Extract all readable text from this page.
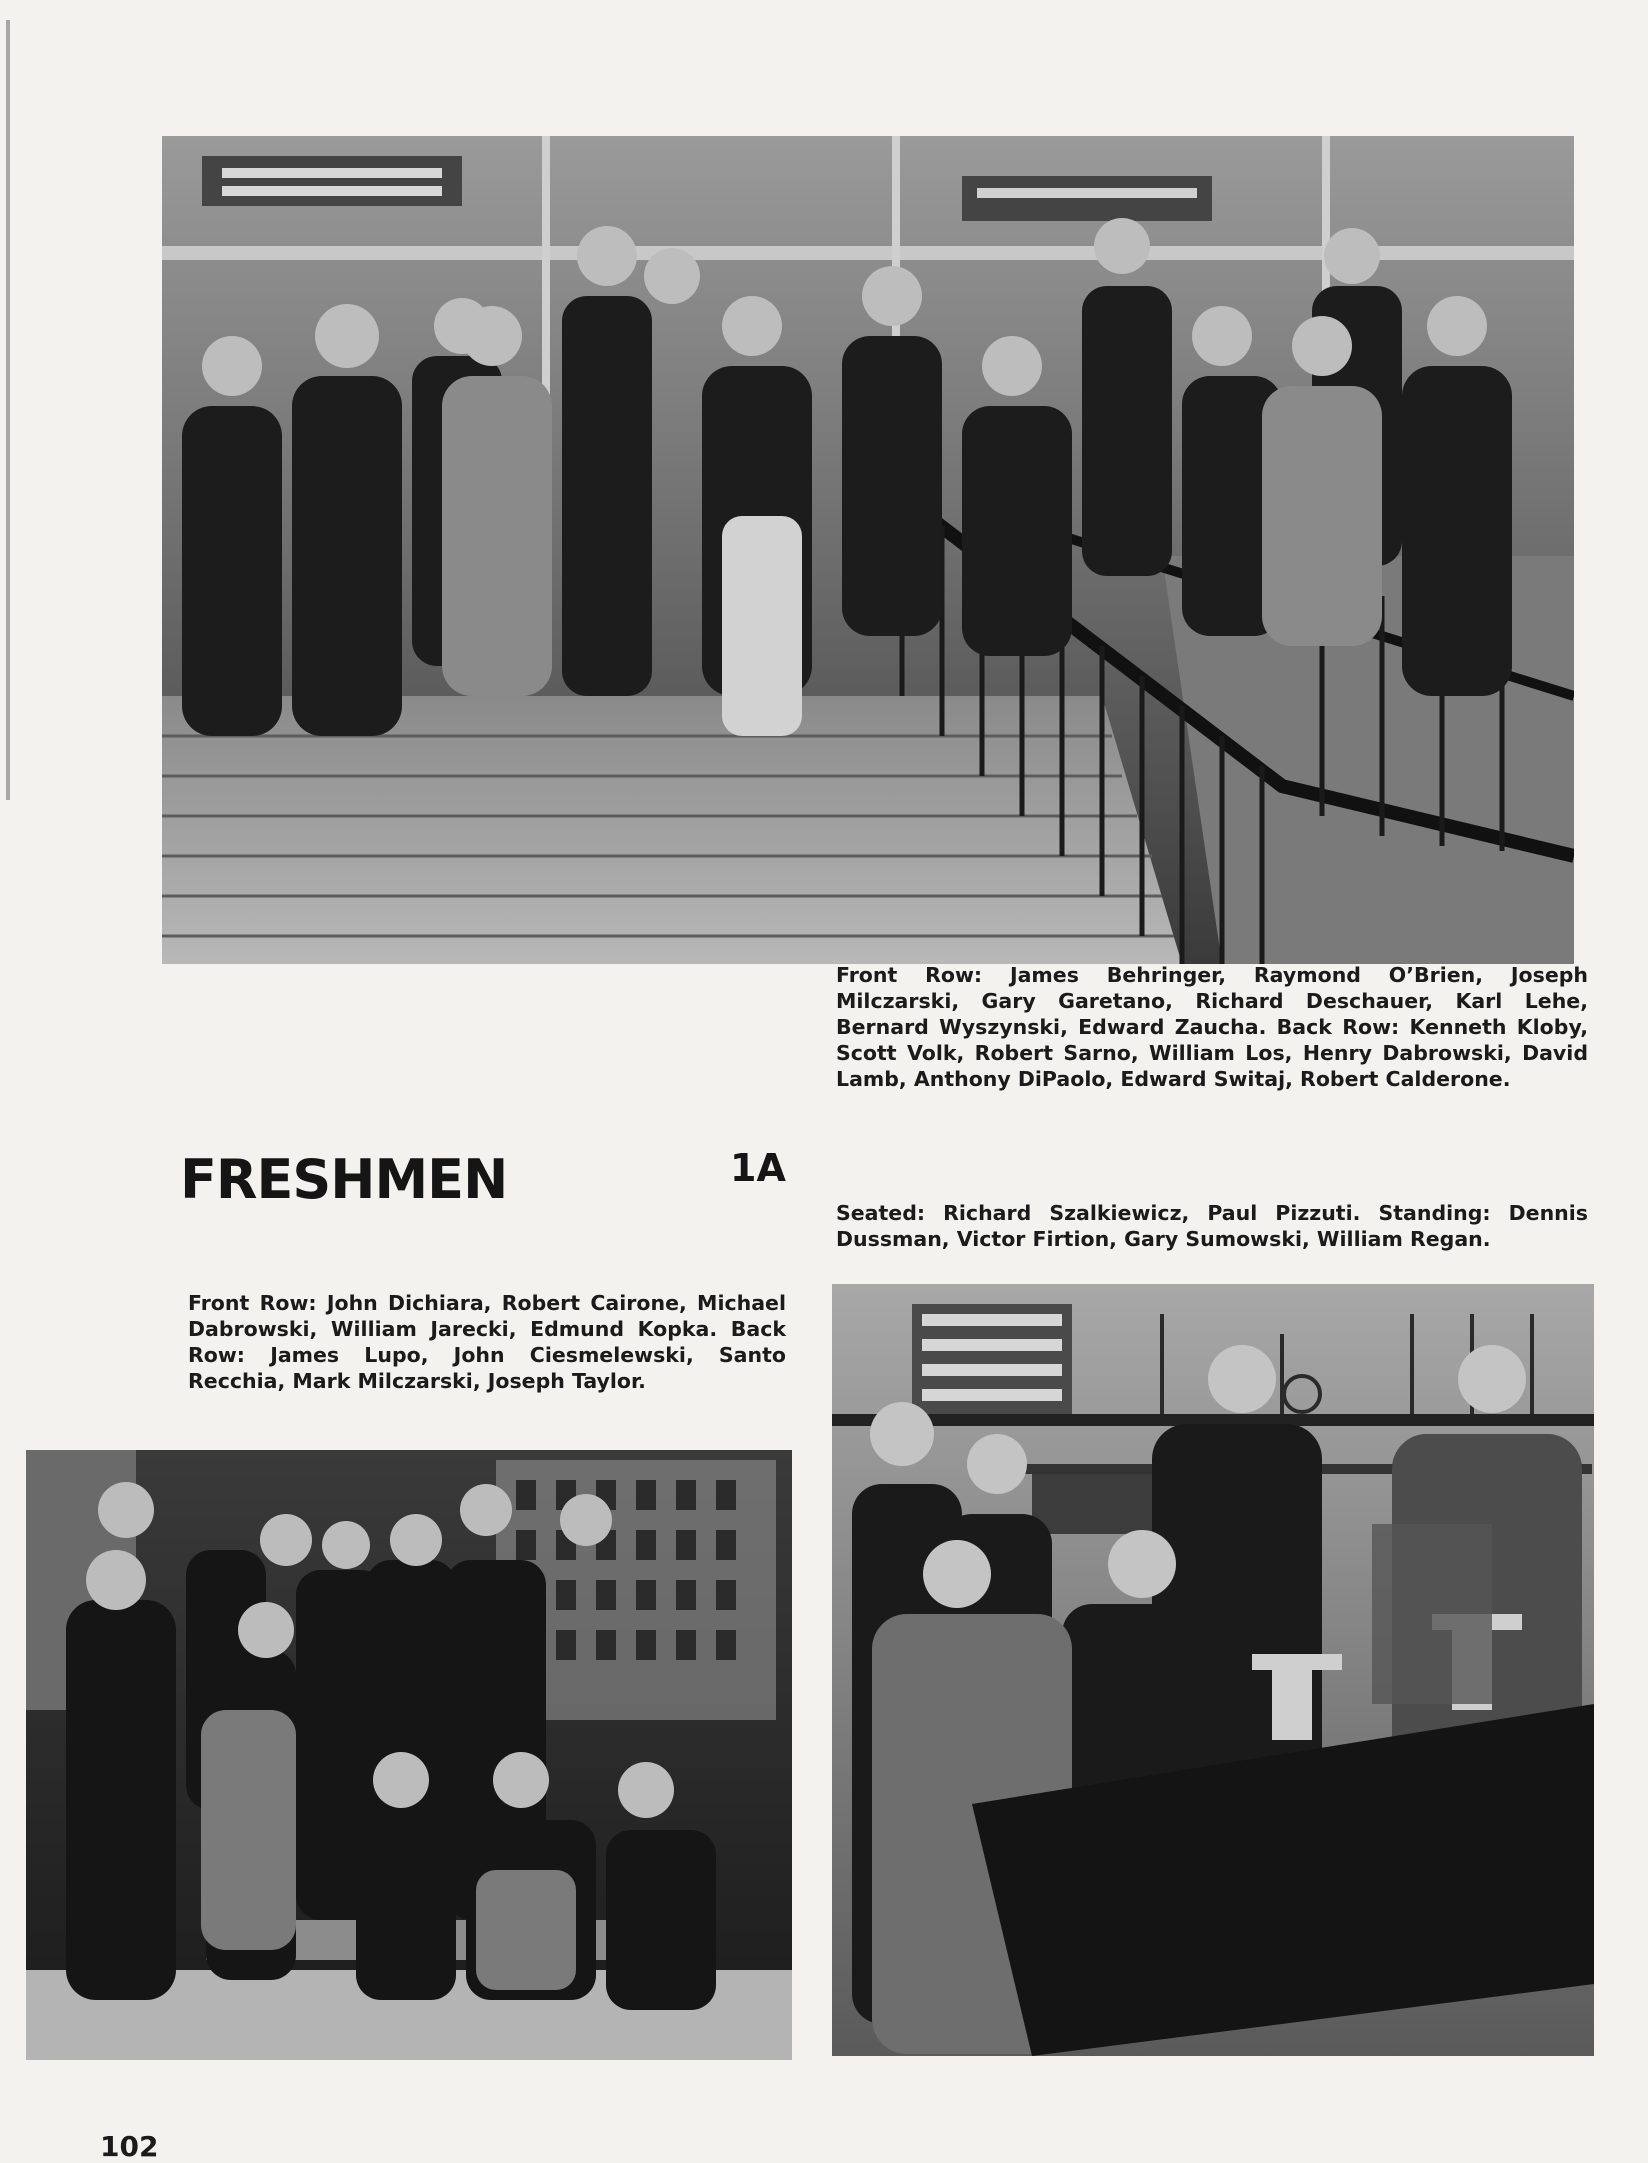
Front Row: James Behringer, Raymond O’Brien, Joseph Milczarski, Gary Garetano, Richard Deschauer, Karl Lehe, Bernard Wyszynski, Edward Zaucha. Back Row: Kenneth Kloby, Scott Volk, Robert Sarno, William Los, Henry Dabrowski, David Lamb, Anthony DiPaolo, Edward Switaj, Robert Calderone.

FRESHMEN	1A

Seated: Richard Szalkiewicz, Paul Pizzuti. Standing: Dennis Dussman, Victor Firtion, Gary Sumowski, William Regan.

Front Row: John Dichiara, Robert Cairone, Michael Dabrowski, William Jarecki, Edmund Kopka. Back Row: James Lupo, John Ciesmelewski, Santo Recchia, Mark Milczarski, Joseph Taylor.

102
